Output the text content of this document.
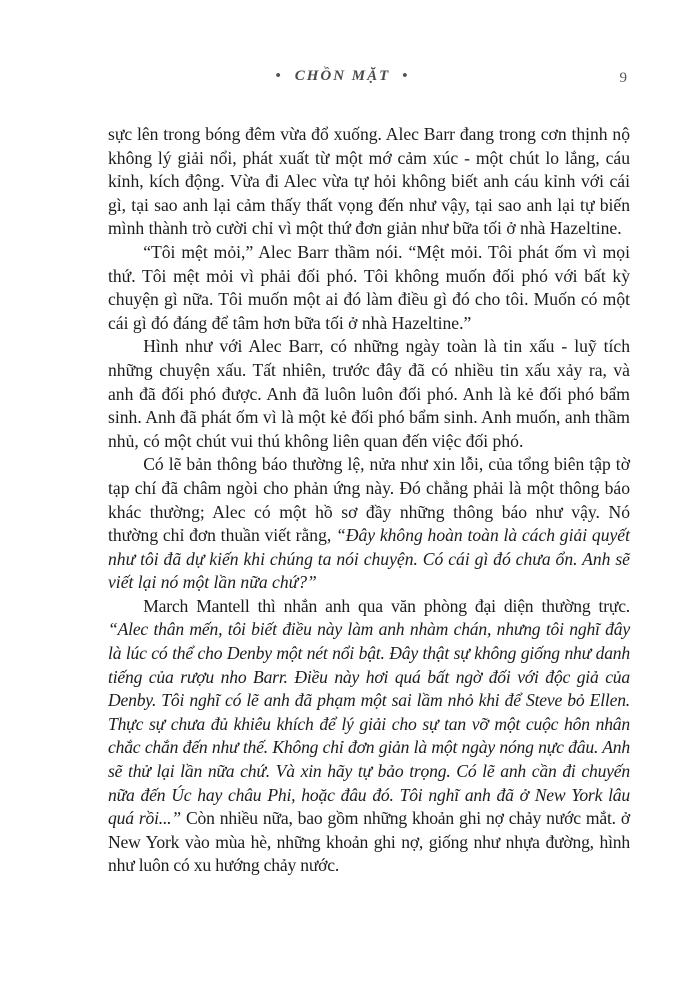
• CHỒN MẶT •	9

sực lên trong bóng đêm vừa đổ xuống. Alec Barr đang trong cơn thịnh nộ không lý giải nổi, phát xuất từ một mớ cảm xúc - một chút lo lắng, cáu kỉnh, kích động. Vừa đi Alec vừa tự hỏi không biết anh cáu kỉnh với cái gì, tại sao anh lại cảm thấy thất vọng đến như vậy, tại sao anh lại tự biến mình thành trò cười chỉ vì một thứ đơn giản như bữa tối ở nhà Hazeltine.

“Tôi mệt mỏi,” Alec Barr thầm nói. “Mệt mỏi. Tôi phát ốm vì mọi thứ. Tôi mệt mỏi vì phải đối phó. Tôi không muốn đối phó với bất kỳ chuyện gì nữa. Tôi muốn một ai đó làm điều gì đó cho tôi. Muốn có một cái gì đó đáng để tâm hơn bữa tối ở nhà Hazeltine.”

Hình như với Alec Barr, có những ngày toàn là tin xấu - luỹ tích những chuyện xấu. Tất nhiên, trước đây đã có nhiều tin xấu xảy ra, và anh đã đối phó được. Anh đã luôn luôn đối phó. Anh là kẻ đối phó bẩm sinh. Anh đã phát ốm vì là một kẻ đối phó bẩm sinh. Anh muốn, anh thầm nhủ, có một chút vui thú không liên quan đến việc đối phó.

Có lẽ bản thông báo thường lệ, nửa như xin lỗi, của tổng biên tập tờ tạp chí đã châm ngòi cho phản ứng này. Đó chẳng phải là một thông báo khác thường; Alec có một hồ sơ đầy những thông báo như vậy. Nó thường chỉ đơn thuần viết rằng, “Đây không hoàn toàn là cách giải quyết như tôi đã dự kiến khi chúng ta nói chuyện. Có cái gì đó chưa ổn. Anh sẽ viết lại nó một lần nữa chứ?”

March Mantell thì nhắn anh qua văn phòng đại diện thường trực. “Alec thân mến, tôi biết điều này làm anh nhàm chán, nhưng tôi nghĩ đây là lúc có thể cho Denby một nét nổi bật. Đây thật sự không giống như danh tiếng của rượu nho Barr. Điều này hơi quá bất ngờ đối với độc giả của Denby. Tôi nghĩ có lẽ anh đã phạm một sai lầm nhỏ khi để Steve bỏ Ellen. Thực sự chưa đủ khiêu khích để lý giải cho sự tan vỡ một cuộc hôn nhân chắc chắn đến như thế. Không chỉ đơn giản là một ngày nóng nực đâu. Anh sẽ thử lại lần nữa chứ. Và xin hãy tự bảo trọng. Có lẽ anh cần đi chuyến nữa đến Úc hay châu Phi, hoặc đâu đó. Tôi nghĩ anh đã ở New York lâu quá rồi...” Còn nhiều nữa, bao gồm những khoản ghi nợ chảy nước mắt. ở New York vào mùa hè, những khoản ghi nợ, giống như nhựa đường, hình như luôn có xu hướng chảy nước.
